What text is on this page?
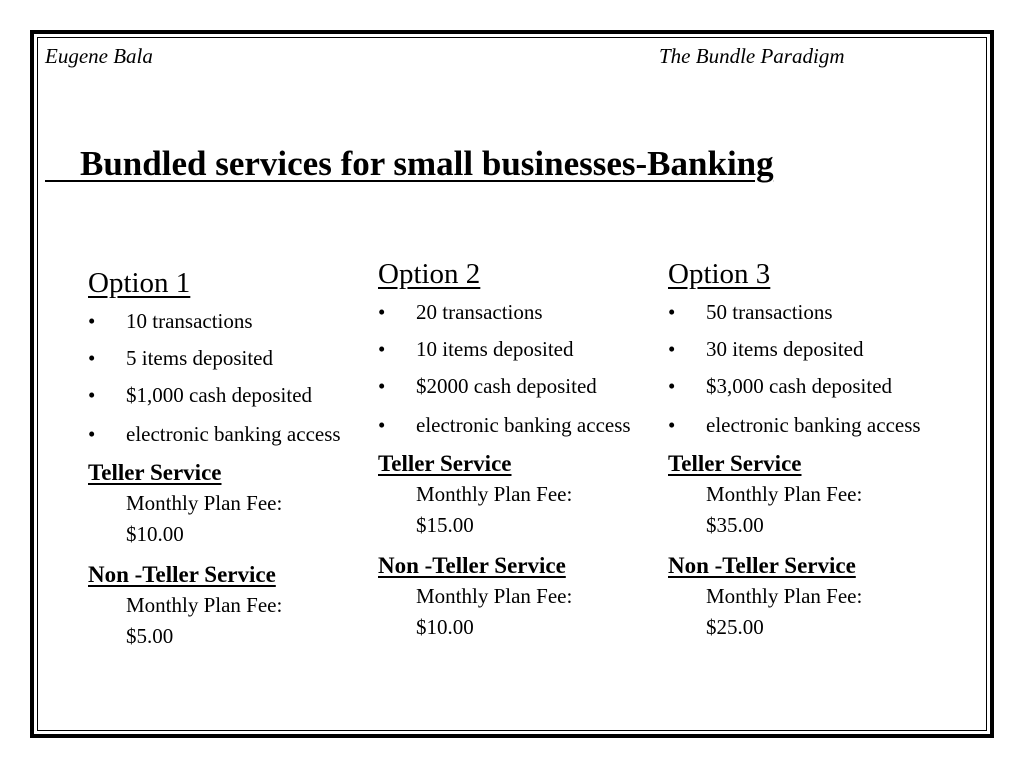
Eugene Bala	The Bundle Paradigm
Bundled services for small businesses-Banking
Option 1
• 10 transactions
• 5 items deposited
• $1,000 cash deposited
• electronic banking access
Teller Service
Monthly Plan Fee:
$10.00
Non -Teller Service
Monthly Plan Fee:
$5.00
Option 2
• 20 transactions
• 10 items deposited
• $2000 cash deposited
• electronic banking access
Teller Service
Monthly Plan Fee:
$15.00
Non -Teller Service
Monthly Plan Fee:
$10.00
Option 3
• 50 transactions
• 30 items deposited
• $3,000 cash deposited
• electronic banking access
Teller Service
Monthly Plan Fee:
$35.00
Non -Teller Service
Monthly Plan Fee:
$25.00
